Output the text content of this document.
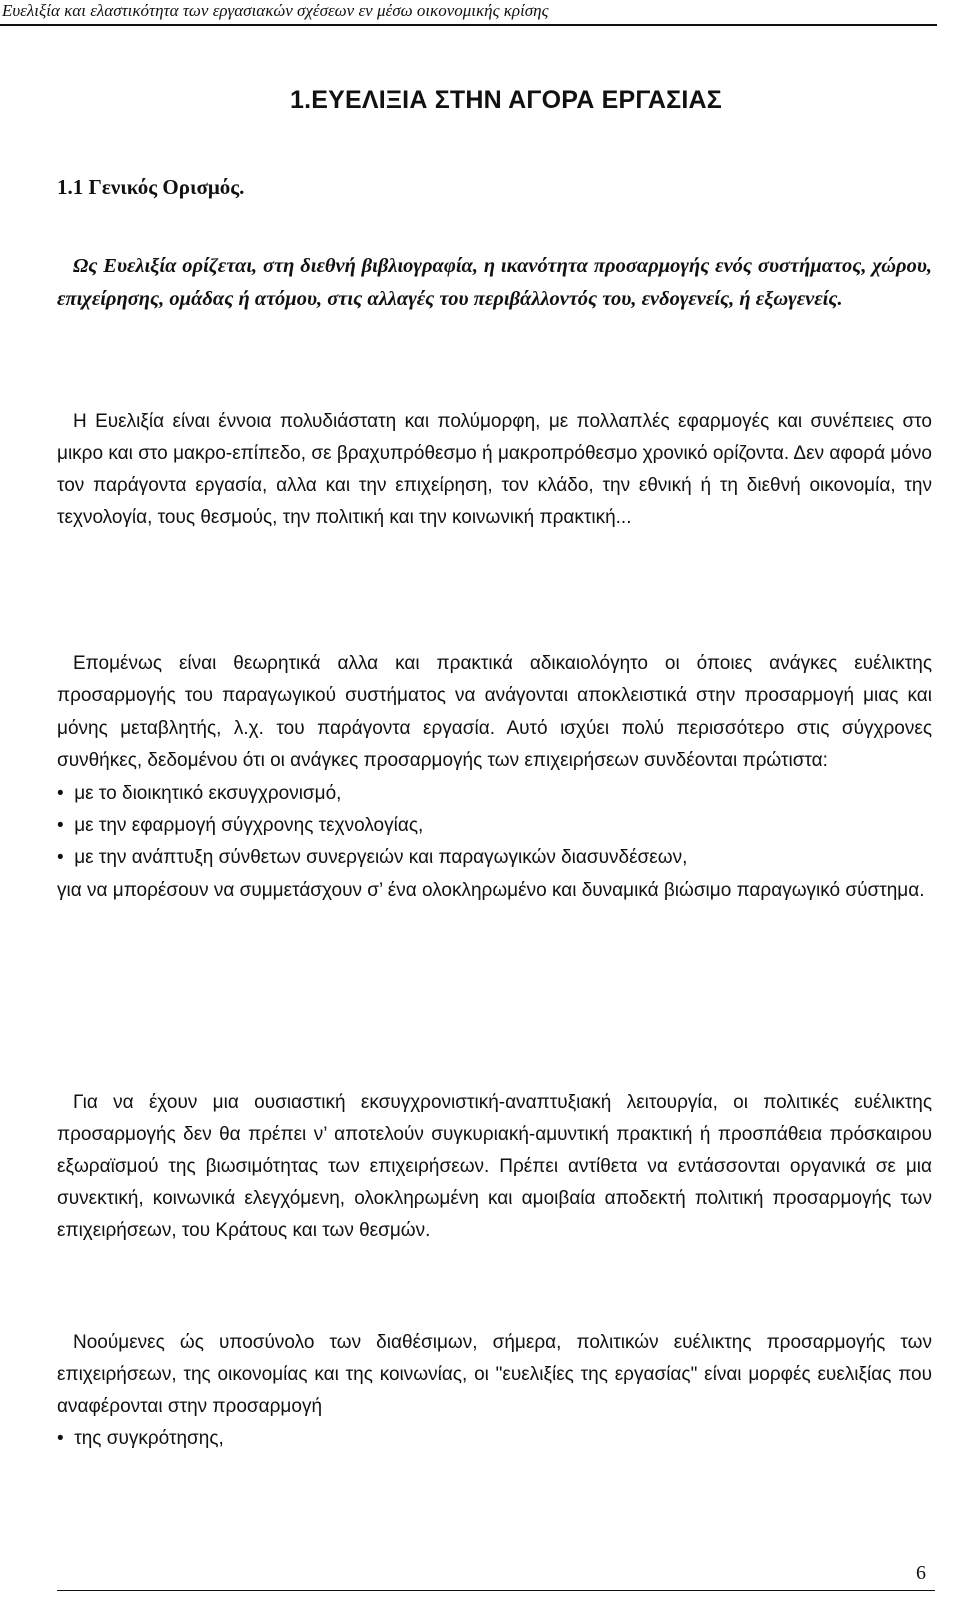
Ευελιξία και ελαστικότητα των εργασιακών σχέσεων εν μέσω οικονομικής κρίσης
1.ΕΥΕΛΙΞΙΑ ΣΤΗΝ ΑΓΟΡΑ ΕΡΓΑΣΙΑΣ
1.1 Γενικός Ορισμός.

Ως Ευελιξία ορίζεται, στη διεθνή βιβλιογραφία, η ικανότητα προσαρμογής ενός συστήματος, χώρου, επιχείρησης, ομάδας ή ατόμου, στις αλλαγές του περιβάλλοντός του, ενδογενείς, ή εξωγενείς.

Η Ευελιξία είναι έννοια πολυδιάστατη και πολύμορφη, με πολλαπλές εφαρμογές και συνέπειες στο μικρο και στο μακρο-επίπεδο, σε βραχυπρόθεσμο ή μακροπρόθεσμο χρονικό ορίζοντα. Δεν αφορά μόνο τον παράγοντα εργασία, αλλα και την επιχείρηση, τον κλάδο, την εθνική ή τη διεθνή οικονομία, την τεχνολογία, τους θεσμούς, την πολιτική και την κοινωνική πρακτική...

Επομένως είναι θεωρητικά αλλα και πρακτικά αδικαιολόγητο οι όποιες ανάγκες ευέλικτης προσαρμογής του παραγωγικού συστήματος να ανάγονται αποκλειστικά στην προσαρμογή μιας και μόνης μεταβλητής, λ.χ. του παράγοντα εργασία. Αυτό ισχύει πολύ περισσότερο στις σύγχρονες συνθήκες, δεδομένου ότι οι ανάγκες προσαρμογής των επιχειρήσεων συνδέονται πρώτιστα:
•  με το διοικητικό εκσυγχρονισμό,
•  με την εφαρμογή σύγχρονης τεχνολογίας,
•  με την ανάπτυξη σύνθετων συνεργειών και παραγωγικών διασυνδέσεων,
για να μπορέσουν να συμμετάσχουν σ’ ένα ολοκληρωμένο και δυναμικά βιώσιμο παραγωγικό σύστημα.

Για να έχουν μια ουσιαστική εκσυγχρονιστική-αναπτυξιακή λειτουργία, οι πολιτικές ευέλικτης προσαρμογής δεν θα πρέπει ν’ αποτελούν συγκυριακή-αμυντική πρακτική ή προσπάθεια πρόσκαιρου εξωραϊσμού της βιωσιμότητας των επιχειρήσεων. Πρέπει αντίθετα να εντάσσονται οργανικά σε μια συνεκτική, κοινωνικά ελεγχόμενη, ολοκληρωμένη και αμοιβαία αποδεκτή πολιτική προσαρμογής των επιχειρήσεων, του Κράτους και των θεσμών.

Νοούμενες ώς υποσύνολο των διαθέσιμων, σήμερα, πολιτικών ευέλικτης προσαρμογής των επιχειρήσεων, της οικονομίας και της κοινωνίας, οι "ευελιξίες της εργασίας" είναι μορφές ευελιξίας που αναφέρονται στην προσαρμογή
•  της συγκρότησης,
6
